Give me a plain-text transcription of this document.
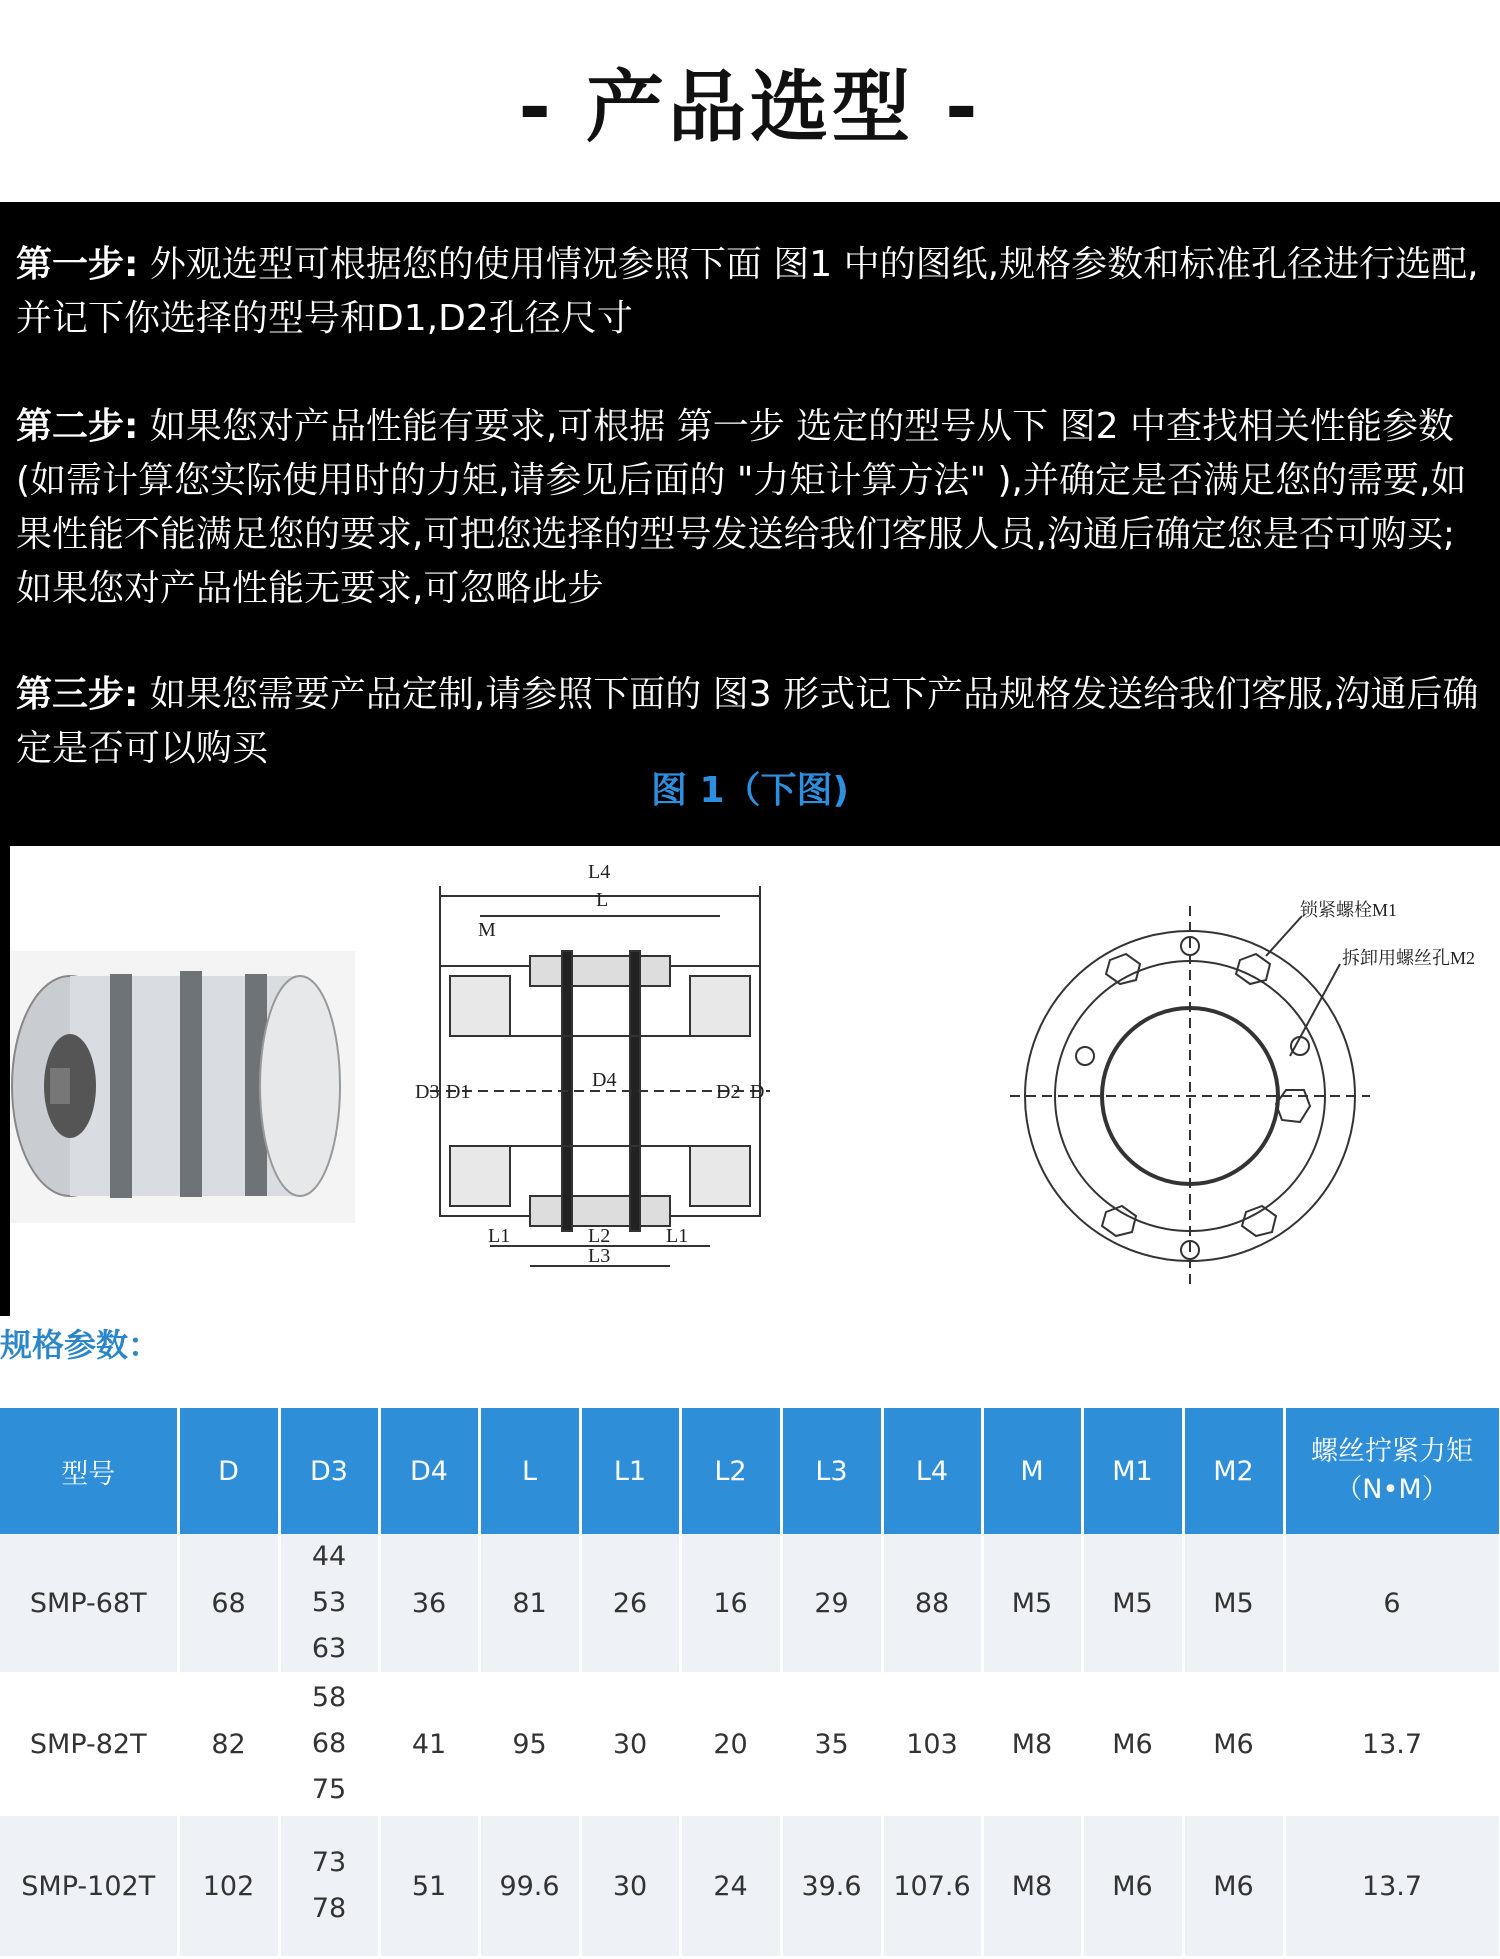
- 产品选型 -
第一步: 外观选型可根据您的使用情况参照下面 图1 中的图纸,规格参数和标准孔径进行选配,并记下你选择的型号和D1,D2孔径尺寸
第二步: 如果您对产品性能有要求,可根据 第一步 选定的型号从下 图2 中查找相关性能参数(如需计算您实际使用时的力矩,请参见后面的 "力矩计算方法" ),并确定是否满足您的需要,如果性能不能满足您的要求,可把您选择的型号发送给我们客服人员,沟通后确定您是否可购买;如果您对产品性能无要求,可忽略此步
第三步: 如果您需要产品定制,请参照下面的 图3 形式记下产品规格发送给我们客服,沟通后确定是否可以购买
图 1（下图)
L4
L
M
D3 D1
D4
D2 D
L1	L2	L1
L3
锁紧螺栓M1
拆卸用螺丝孔M2
规格参数：
型号	D	D3	D4	L	L1	L2	L3	L4	M	M1	M2	螺丝拧紧力矩（N•M）
SMP-68T	68	44
53
63	36	81	26	16	29	88	M5	M5	M5	6
SMP-82T	82	58
68
75	41	95	30	20	35	103	M8	M6	M6	13.7
SMP-102T	102	73
78	51	99.6	30	24	39.6	107.6	M8	M6	M6	13.7
